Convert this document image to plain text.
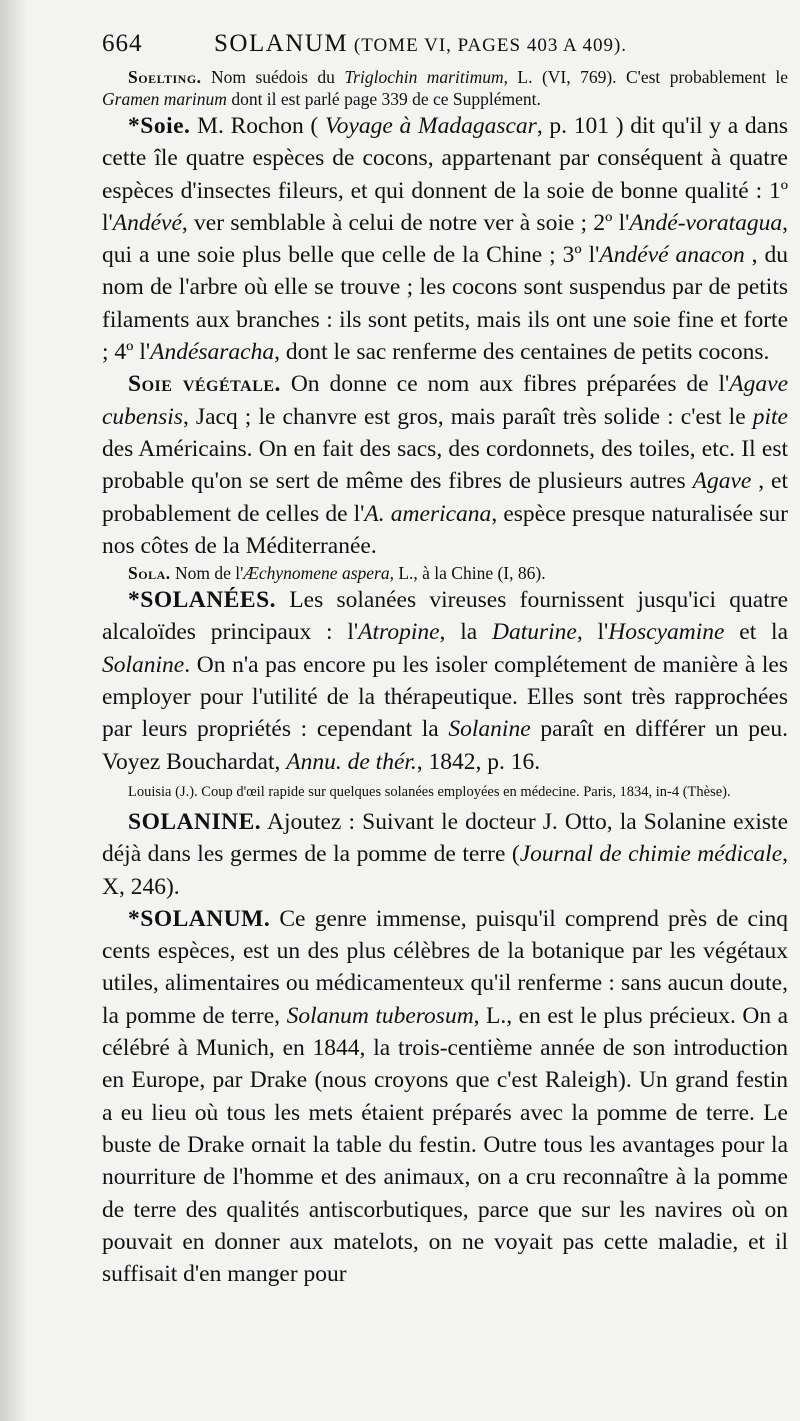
664	SOLANUM (TOME VI, PAGES 403 A 409).

Soelting. Nom suédois du Triglochin maritimum, L. (VI, 769). C'est probablement le Gramen marinum dont il est parlé page 339 de ce Supplément.

*Soie. M. Rochon ( Voyage à Madagascar, p. 101 ) dit qu'il y a dans cette île quatre espèces de cocons, appartenant par conséquent à quatre espèces d'insectes fileurs, et qui donnent de la soie de bonne qualité : 1º l'Andévé, ver semblable à celui de notre ver à soie ; 2º l'Andé-voratagua, qui a une soie plus belle que celle de la Chine ; 3º l'Andévé anacon , du nom de l'arbre où elle se trouve ; les cocons sont suspendus par de petits filaments aux branches : ils sont petits, mais ils ont une soie fine et forte ; 4º l'Andésaracha, dont le sac renferme des centaines de petits cocons.

Soie végétale. On donne ce nom aux fibres préparées de l'Agave cubensis, Jacq ; le chanvre est gros, mais paraît très solide : c'est le pite des Américains. On en fait des sacs, des cordonnets, des toiles, etc. Il est probable qu'on se sert de même des fibres de plusieurs autres Agave , et probablement de celles de l'A. americana, espèce presque naturalisée sur nos côtes de la Méditerranée.

Sola. Nom de l'Æchynomene aspera, L., à la Chine (I, 86).

*SOLANÉES. Les solanées vireuses fournissent jusqu'ici quatre alcaloïdes principaux : l'Atropine, la Daturine, l'Hoscyamine et la Solanine. On n'a pas encore pu les isoler complétement de manière à les employer pour l'utilité de la thérapeutique. Elles sont très rapprochées par leurs propriétés : cependant la Solanine paraît en différer un peu. Voyez Bouchardat, Annu. de thér., 1842, p. 16.

Louisia (J.). Coup d'œil rapide sur quelques solanées employées en médecine. Paris, 1834, in-4 (Thèse).

SOLANINE. Ajoutez : Suivant le docteur J. Otto, la Solanine existe déjà dans les germes de la pomme de terre (Journal de chimie médicale, X, 246).

*SOLANUM. Ce genre immense, puisqu'il comprend près de cinq cents espèces, est un des plus célèbres de la botanique par les végétaux utiles, alimentaires ou médicamenteux qu'il renferme : sans aucun doute, la pomme de terre, Solanum tuberosum, L., en est le plus précieux. On a célébré à Munich, en 1844, la trois-centième année de son introduction en Europe, par Drake (nous croyons que c'est Raleigh). Un grand festin a eu lieu où tous les mets étaient préparés avec la pomme de terre. Le buste de Drake ornait la table du festin. Outre tous les avantages pour la nourriture de l'homme et des animaux, on a cru reconnaître à la pomme de terre des qualités antiscorbutiques, parce que sur les navires où on pouvait en donner aux matelots, on ne voyait pas cette maladie, et il suffisait d'en manger pour
